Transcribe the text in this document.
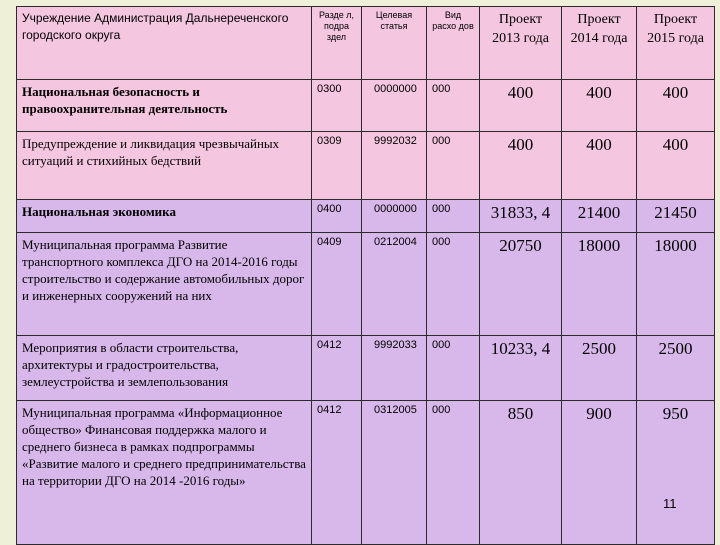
Учреждение Администрация Дальнереченского городского округа	Разде л, подра здел	Целевая статья	Вид расхо дов	Проект 2013 года	Проект 2014 года	Проект 2015 года
Национальная безопасность и правоохранительная деятельность	0300	0000000	000	400	400	400
Предупреждение и ликвидация чрезвычайных ситуаций и стихийных бедствий	0309	9992032	000	400	400	400
Национальная экономика	0400	0000000	000	31833, 4	21400	21450
Муниципальная программа Развитие транспортного комплекса ДГО на 2014-2016 годы строительство и содержание автомобильных дорог и инженерных сооружений на них	0409	0212004	000	20750	18000	18000
Мероприятия в области строительства, архитектуры и градостроительства, землеустройства и землепользования	0412	9992033	000	10233, 4	2500	2500
Муниципальная программа «Информационное общество» Финансовая поддержка малого и среднего бизнеса в рамках подпрограммы «Развитие малого и среднего предпринимательства на территории ДГО на 2014 -2016 годы»	0412	0312005	000	850	900	950
11
